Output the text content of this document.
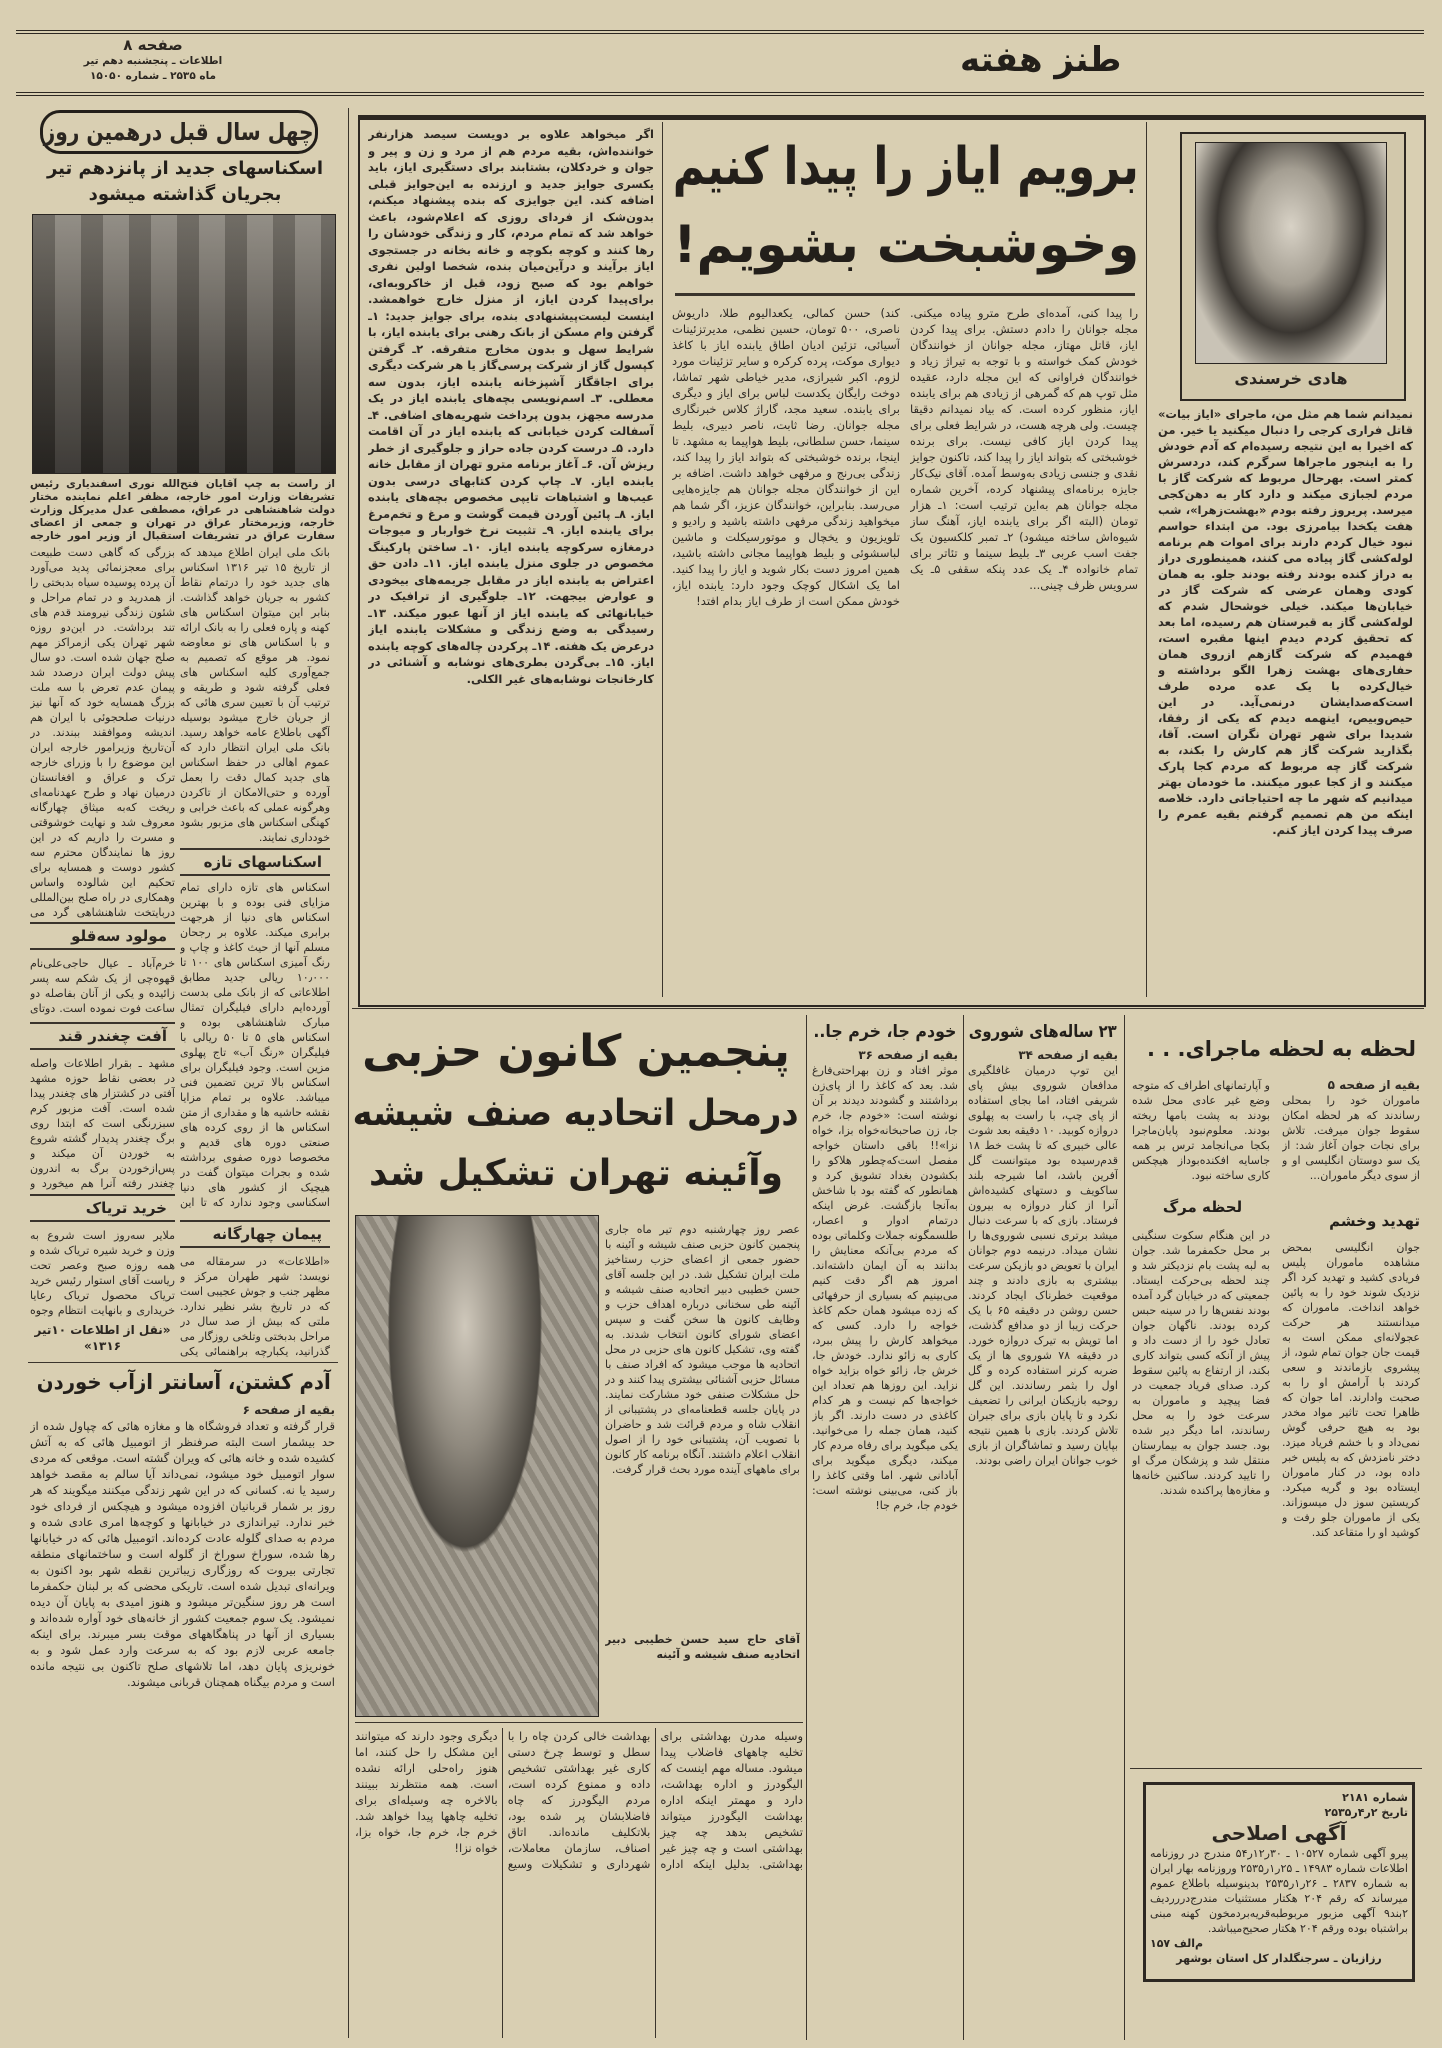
صفحه ۸
اطلاعات ـ پنجشنبه دهم تیر
ماه ۲۵۳۵ ـ شماره ۱۵۰۵۰	طنز هفته
چهل سال قبل درهمین روز
اسکناسهای جدید از پانزدهم تیر
بجریان گذاشته میشود
از راست به چپ آقایان فتح‌الله نوری اسفندیاری رئیس تشریفات وزارت امور خارجه، مظفر اعلم نماینده مختار دولت شاهنشاهی در عراق، مصطفی عدل مدیرکل وزارت خارجه، وزیرمختار عراق در تهران و جمعی از اعضای سفارت عراق در تشریفات استقبال از وزیر امور خارجه
بانک ملی ایران اطلاع میدهد که از تاریخ ۱۵ تیر ۱۳۱۶ اسکناس های جدید خود را درتمام نقاط کشور به جریان خواهد گذاشت. بنابر این میتوان اسکناس های کهنه و پاره فعلی را به بانک ارائه و با اسکناس های نو معاوضه نمود. هر موقع که تصمیم به جمع‌آوری کلیه اسکناس های فعلی گرفته شود و طریقه و ترتیب آن با تعیین سری هائی که از جریان خارج میشود بوسیله آگهی باطلاع عامه خواهد رسید. بانک ملی ایران انتظار دارد که عموم اهالی در حفظ اسکناس های جدید کمال دقت را بعمل آورده و حتی‌الامکان از تاکردن وهرگونه عملی که باعث خرابی و کهنگی اسکناس های مزبور بشود خودداری نمایند.
اسکناسهای تازه
اسکناس های تازه دارای تمام مزایای فنی بوده و با بهترین اسکناس های دنیا از هرجهت برابری میکند. علاوه بر رجحان مسلم آنها از حیث کاغذ و چاپ و رنگ آمیزی اسکناس های ۱۰۰ تا ۱۰٫۰۰۰ ریالی جدید مطابق اطلاعاتی که از بانک ملی بدست آورده‌ایم دارای فیلیگران تمثال مبارک شاهنشاهی بوده و اسکناس های ۵ تا ۵۰ ریالی با فیلیگران «رنگ آب» تاج پهلوی مزین است. وجود فیلیگران برای اسکناس بالا ترین تضمین فنی میباشد. علاوه بر تمام مزایا نقشه حاشیه ها و مقداری از متن اسکناس ها از روی کرده های صنعتی دوره های قدیم و مخصوصا دوره صفوی برداشته شده و بجرات میتوان گفت در هیچیک از کشور های دنیا اسکناسی وجود ندارد که تا این
پیمان چهارگانه
«اطلاعات» در سرمقاله می نویسد: شهر طهران مرکز و مظهر جنب و جوش عجیبی است که در تاریخ بشر نظیر ندارد. ملتی که بیش از صد سال در مراحل بدبختی وتلخی روزگار می گذرانید، یکبارچه براهنمائی یکی
بزرگی که گاهی دست طبیعت برای معجزنمائی پدید می‌آورد آن پرده پوسیده سیاه بدبختی را از همدرید و در تمام مراحل و شئون زندگی نیرومند قدم های تند برداشت. در این‌دو روزه شهر تهران یکی ازمراکز مهم صلح جهان شده است. دو سال پیش دولت ایران درصدد شد پیمان عدم تعرض با سه ملت بزرگ همسایه خود که آنها نیز درنیات صلحجوئی با ایران هم اندیشه وموافقند ببندند. در آن‌تاریخ وزیرامور خارجه ایران این موضوع را با وزرای خارجه ترک و عراق و افغانستان درمیان نهاد و طرح عهدنامه‌ای ریخت که‌به میثاق چهارگانه معروف شد و نهایت خوشوقتی و مسرت را داریم که در این روز ها نمایندگان محترم سه کشور دوست و همسایه برای تحکیم این شالوده واساس وهمکاری در راه صلح بین‌المللی دربایتخت شاهنشاهی گرد می
مولود سه‌قلو
خرم‌آباد ـ عیال حاجی‌علی‌نام قهوه‌چی از یک شکم سه پسر زائیده و یکی از آنان بفاصله دو ساعت فوت نموده است. دوتای
آفت چغندر قند
مشهد ـ بقرار اطلاعات واصله در بعضی نقاط حوزه مشهد آفتی در کشتزار های چغندر پیدا شده است. آفت مزبور کرم سبزرنگی است که ابتدا روی برگ چغندر پدیدار گشته شروع به خوردن آن میکند و پس‌ازخوردن برگ به اندرون چغندر رفته آنرا هم میخورد و
خرید تریاک
ملایر سه‌روز است شروع به وزن و خرید شیره تریاک شده و همه روزه صبح وعصر تحت ریاست آقای استوار رئیس خرید تریاک محصول تریاک رعایا خریداری و بانهایت انتظام وجوه
«نقل از اطلاعات ۱۰تیر ۱۳۱۶»
آدم کشتن، آسانتر ازآب خوردن
بقیه از صفحه ۶
قرار گرفته و تعداد فروشگاه ها و مغازه هائی که چپاول شده از حد بیشمار است البته صرفنظر از اتومبیل هائی که به آتش کشیده شده و خانه هائی که ویران گشته است. موقعی که مردی سوار اتومبیل خود میشود، نمی‌داند آیا سالم به مقصد خواهد رسید یا نه. کسانی که در این شهر زندگی میکنند میگویند که هر روز بر شمار قربانیان افزوده میشود و هیچکس از فردای خود خبر ندارد. تیراندازی در خیابانها و کوچه‌ها امری عادی شده و مردم به صدای گلوله عادت کرده‌اند. اتومبیل هائی که در خیابانها رها شده، سوراخ سوراخ از گلوله است و ساختمانهای منطقه تجارتی بیروت که روزگاری زیباترین نقطه شهر بود اکنون به ویرانه‌ای تبدیل شده است. تاریکی محضی که بر لبنان حکمفرما است هر روز سنگین‌تر میشود و هنوز امیدی به پایان آن دیده نمیشود. یک سوم جمعیت کشور از خانه‌های خود آواره شده‌اند و بسیاری از آنها در پناهگاههای موقت بسر میبرند. برای اینکه جامعه عربی لازم بود که به سرعت وارد عمل شود و به خونریزی پایان دهد، اما تلاشهای صلح تاکنون بی نتیجه مانده است و مردم بیگناه همچنان قربانی میشوند.
اگر میخواهد علاوه بر دویست سیصد هزارنفر خواننده‌اش، بقیه مردم هم از مرد و زن و پیر و جوان و خردکلان، بشتابند برای دستگیری ایاز، باید یکسری جوایز جدید و ارزنده به این‌جوایز قبلی اضافه کند. این جوایزی که بنده پیشنهاد میکنم، بدون‌شک از فردای روزی که اعلام‌شود، باعث خواهد شد که تمام مردم، کار و زندگی خودشان را رها کنند و کوچه بکوچه و خانه بخانه در جستجوی ایاز برآیند و درآین‌میان بنده، شخصا اولین نفری خواهم بود که صبح زود، قبل از خاکروبه‌ای، برای‌پیدا کردن ایاز، از منزل خارج خواهمشد. اینست لیست‌پیشنهادی بنده، برای جوایز جدید: ۱ـ گرفتن وام مسکن از بانک رهنی برای یابنده ایاز، با شرایط سهل و بدون مخارج متفرقه. ۲ـ گرفتن کپسول گاز از شرکت پرسی‌گاز یا هر شرکت دیگری برای اجاقگاز آشپزخانه یابنده ایاز، بدون سه معطلی. ۳ـ اسم‌نویسی بچه‌های یابنده ایاز در یک مدرسه مجهز، بدون پرداخت شهریه‌های اضافی. ۴ـ آسفالت کردن خیابانی که یابنده ایاز در آن اقامت دارد. ۵ـ درست کردن جاده حراز و جلوگیری از خطر ریزش آن. ۶ـ آغاز برنامه مترو تهران از مقابل خانه یابنده ایاز. ۷ـ چاپ کردن کتابهای درسی بدون عیب‌ها و اشتباهات تایپی مخصوص بچه‌های یابنده ایاز. ۸ـ پائین آوردن قیمت گوشت و مرغ و تخم‌مرغ برای یابنده ایاز. ۹ـ تثبیت نرخ خواربار و میوجات درمغازه سرکوچه یابنده ایاز. ۱۰ـ ساختن پارکینگ مخصوص در جلوی منزل یابنده ایاز. ۱۱ـ دادن حق اعتراض به یابنده ایاز در مقابل جریمه‌های بیخودی و عوارض بیجهت. ۱۲ـ جلوگیری از ترافیک در خیابانهائی که یابنده ایاز از آنها عبور میکند. ۱۳ـ رسیدگی به وضع زندگی و مشکلات یابنده ایاز درعرض یک هفته. ۱۴ـ پرکردن چاله‌های کوچه یابنده ایاز. ۱۵ـ بی‌گردن بطری‌های نوشابه و آشنائی در کارخانجات نوشابه‌های غیر الکلی.
برویم ایاز را پیدا کنیم
وخوشبخت بشویم!
کند) حسن کمالی، یکعدالیوم طلا، داریوش ناصری، ۵۰۰ تومان، حسین نظمی، مدیرتزئینات آسیائی، تزئین ادیان اطاق یابنده ایاز با کاغذ دیواری موکت، پرده کرکره و سایر تزئینات مورد لزوم. اکبر شیرازی، مدیر خیاطی شهر تماشا، دوخت رایگان یکدست لباس برای ایاز و دیگری برای یابنده. سعید مجد، گاراژ کلاس خبرنگاری مجله جوانان. رضا ثابت، ناصر دبیری، بلیط سینما، حسن سلطانی، بلیط هواپیما به مشهد. تا اینجا، برنده خوشبختی که بتواند ایاز را پیدا کند، زندگی بی‌رنج و مرفهی خواهد داشت. اضافه بر این از خوانندگان مجله جوانان هم جایزه‌هایی می‌رسد. بنابراین، خوانندگان عزیز، اگر شما هم میخواهید زندگی مرفهی داشته باشید و رادیو و تلویزیون و یخچال و موتورسیکلت و ماشین لباسشوئی و بلیط هواپیما مجانی داشته باشید، همین امروز دست بکار شوید و ایاز را پیدا کنید. اما یک اشکال کوچک وجود دارد: یابنده ایاز، خودش ممکن است از طرف ایاز بدام افتد!
را پیدا کنی، آمده‌ای طرح مترو پیاده میکنی. مجله جوانان را دادم دستش. برای پیدا کردن ایاز، قاتل مهتاز، مجله جوانان از خوانندگان خودش کمک خواسته و با توجه به تیراژ زیاد و خوانندگان فراوانی که این مجله دارد، عقیده مثل توپ هم که گمرهی از زیادی هم برای یابنده ایاز، منظور کرده است. که بیاد نمیدانم دقیقا چیست. ولی هرچه هست، در شرایط فعلی برای پیدا کردن ایاز کافی نیست. برای برنده خوشبختی که بتواند ایاز را پیدا کند، تاکنون جوایز نقدی و جنسی زیادی به‌وسط آمده. آقای نیک‌کار جایزه برنامه‌ای پیشنهاد کرده، آخرین شماره مجله جوانان هم به‌این ترتیب است: ۱ـ هزار تومان (البته اگر برای یابنده ایاز، آهنگ ساز شیوه‌اش ساخته میشود) ۲ـ تمبر کلکسیون یک جفت اسب عربی ۳ـ بلیط سینما و تئاتر برای تمام خانواده ۴ـ یک عدد پنکه سقفی ۵ـ یک سرویس ظرف چینی...
هادی خرسندی
نمیدانم شما هم مثل من، ماجرای «ایاز بیات» قاتل فراری کرجی را دنبال میکنید یا خیر. من که اخیرا به این نتیجه رسیده‌ام که آدم خودش را به اینجور ماجراها سرگرم کند، دردسرش کمتر است. بهرحال مربوط که شرکت گاز با مردم لجبازی میکند و دارد کار به دهن‌کجی میرسد. پریروز رفته بودم «بهشت‌زهرا»، شب هفت یکخدا بیامرزی بود. من ابتداء حواسم نبود خیال کردم دارند برای اموات هم برنامه لوله‌کشی گاز پیاده می کنند، همینطوری دراز به دراز کنده بودند رفته بودند جلو. به همان کودی وهمان عرضی که شرکت گاز در خیابان‌ها میکند. خیلی خوشحال شدم که لوله‌کشی گاز به قبرستان هم رسیده، اما بعد که تحقیق کردم دیدم اینها مقبره است، فهمیدم که شرکت گازهم ازروی همان حفاری‌های بهشت زهرا الگو برداشته و خیال‌کرده با یک عده مرده طرف است‌که‌صدایشان درنمی‌آید. در این حیص‌وبیص، اینهمه دیدم که یکی از رفقا، شدیدا برای شهر تهران نگران است. آقا، بگذارید شرکت گاز هم کارش را بکند، به شرکت گاز چه مربوط که مردم کجا پارک میکنند و از کجا عبور میکنند. ما خودمان بهتر میدانیم که شهر ما چه احتیاجاتی دارد. خلاصه اینکه من هم تصمیم گرفتم بقیه عمرم را صرف پیدا کردن ایاز کنم.
پنجمین کانون حزبی
درمحل اتحادیه صنف شیشه
وآئینه تهران تشکیل شد
عصر روز چهارشنبه دوم تیر ماه جاری پنجمین کانون حزبی صنف شیشه و آئینه با حضور جمعی از اعضای حزب رستاخیز ملت ایران تشکیل شد. در این جلسه آقای حسن خطیبی دبیر اتحادیه صنف شیشه و آئینه طی سخنانی درباره اهداف حزب و وظایف کانون ها سخن گفت و سپس اعضای شورای کانون انتخاب شدند. به گفته وی، تشکیل کانون های حزبی در محل اتحادیه ها موجب میشود که افراد صنف با مسائل حزبی آشنائی بیشتری پیدا کنند و در حل مشکلات صنفی خود مشارکت نمایند. در پایان جلسه قطعنامه‌ای در پشتیبانی از انقلاب شاه و مردم قرائت شد و حاضران با تصویب آن، پشتیبانی خود را از اصول انقلاب اعلام داشتند. آنگاه برنامه کار کانون برای ماههای آینده مورد بحث قرار گرفت.
آقای حاج سید حسن خطیبی دبیر اتحادیه صنف شیشه و آئینه
وسیله مدرن بهداشتی برای تخلیه چاههای فاضلاب پیدا میشود. مساله مهم اینست که الیگودرز و اداره بهداشت، دارد و مهمتر اینکه اداره بهداشت الیگودرز میتواند تشخیص بدهد چه چیز بهداشتی است و چه چیز غیر بهداشتی. بدلیل اینکه اداره بهداشت خالی کردن چاه را با سطل و توسط چرخ دستی کاری غیر بهداشتی تشخیص داده و ممنوع کرده است، مردم الیگودرز که چاه فاضلابشان پر شده بود، بلاتکلیف مانده‌اند. اتاق اصناف، سازمان معاملات، شهرداری و تشکیلات وسیع دیگری وجود دارند که میتوانند این مشکل را حل کنند، اما هنوز راه‌حلی ارائه نشده است. همه منتظرند ببینند بالاخره چه وسیله‌ای برای تخلیه چاهها پیدا خواهد شد. خرم جا، خرم جا، خواه بزا، خواه نزا!
خودم جا، خرم جا..
بقیه از صفحه ۳۶
موثر افتاد و زن بهراحتی‌فارغ شد. بعد که کاغذ را از پای‌زن برداشتند و گشودند دیدند بر آن نوشته است: «خودم جا، خرم جا، زن صاحبخانه‌خواه بزا، خواه نزا»!! باقی داستان خواجه مفصل است‌که‌چطور هلاکو را بکشودن بغداد تشویق کرد و همانطور که گفته بود با شاخش به‌آنجا بازگشت. غرض اینکه درتمام ادوار و اعصار، طلسمگونه جملات وکلماتی بوده که مردم بی‌آنکه معنایش را بدانند به آن ایمان داشته‌اند. امروز هم اگر دقت کنیم می‌بینیم که بسیاری از حرفهائی که زده میشود همان حکم کاغذ خواجه را دارد. کسی که میخواهد کارش را پیش ببرد، کاری به زائو ندارد. خودش جا، خرش جا، زائو خواه بزاید خواه نزاید. این روزها هم تعداد این خواجه‌ها کم نیست و هر کدام کاغذی در دست دارند. اگر باز کنید، همان جمله را می‌خوانید. یکی میگوید برای رفاه مردم کار میکند، دیگری میگوید برای آبادانی شهر. اما وقتی کاغذ را باز کنی، می‌بینی نوشته است: خودم جا، خرم جا!
۲۳ ساله‌های شوروی
بقیه از صفحه ۳۴
این توپ درمیان غافلگیری مدافعان شوروی بیش پای شریفی افتاد، اما بجای استفاده از پای چپ، با راست به پهلوی دروازه کوبید. ۱۰ دقیقه بعد شوت عالی خبیری که تا پشت خط ۱۸ قدم‌رسیده بود میتوانست گل آفرین باشد، اما شیرجه بلند ساکویف و دستهای کشیده‌اش آنرا از کنار دروازه به بیرون فرستاد. بازی که با سرعت دنبال میشد برتری نسبی شوروی‌ها را نشان میداد. درنیمه دوم جوانان ایران با تعویض دو بازیکن سرعت بیشتری به بازی دادند و چند موقعیت خطرناک ایجاد کردند. حسن روشن در دقیقه ۶۵ با یک حرکت زیبا از دو مدافع گذشت، اما توپش به تیرک دروازه خورد. در دقیقه ۷۸ شوروی ها از یک ضربه کرنر استفاده کرده و گل اول را بثمر رساندند. این گل روحیه بازیکنان ایرانی را تضعیف نکرد و تا پایان بازی برای جبران تلاش کردند. بازی با همین نتیجه بپایان رسید و تماشاگران از بازی خوب جوانان ایران راضی بودند.
لحظه به لحظه ماجرای. . .
بقیه از صفحه ۵
ماموران خود را بمحلی رساندند که هر لحظه امکان سقوط جوان میرفت. تلاش برای نجات جوان آغاز شد: از یک سو دوستان انگلیسی او و از سوی دیگر ماموران...
و آپارتمانهای اطراف که متوجه وضع غیر عادی محل شده بودند به پشت بامها ریخته بودند. معلوم‌نبود پایان‌ماجرا بکجا می‌انجامد ترس بر همه جا‌سایه افکنده‌بود‌از هیچکس کاری ساخته نبود.
لحظه مرگ
در این هنگام سکوت سنگینی بر محل حکمفرما شد. جوان به لبه پشت بام نزدیکتر شد و چند لحظه بی‌حرکت ایستاد. جمعیتی که در خیابان گرد آمده بودند نفس‌ها را در سینه حبس کرده بودند. ناگهان جوان تعادل خود را از دست داد و پیش از آنکه کسی بتواند کاری بکند، از ارتفاع به پائین سقوط کرد. صدای فریاد جمعیت در فضا پیچید و ماموران به سرعت خود را به محل رساندند، اما دیگر دیر شده بود. جسد جوان به بیمارستان منتقل شد و پزشکان مرگ او را تایید کردند. ساکنین خانه‌ها و مغازه‌ها پراکنده شدند.
تهدید وخشم
جوان انگلیسی بمحض مشاهده ماموران پلیس فریادی کشید و تهدید کرد اگر نزدیک شوند خود را به پائین خواهد انداخت. ماموران که میدانستند هر حرکت عجولانه‌ای ممکن است به قیمت جان جوان تمام شود، از پیشروی بازماندند و سعی کردند با آرامش او را به صحبت وادارند. اما جوان که ظاهرا تحت تاثیر مواد مخدر بود به هیچ حرفی گوش نمی‌داد و با خشم فریاد میزد. دختر نامزدش که به پلیس خبر داده بود، در کنار ماموران ایستاده بود و گریه میکرد. کریستین سوز دل میسوزاند. یکی از ماموران جلو رفت و کوشید او را متقاعد کند.
شماره ۲۱۸۱
تاریخ ۲ر۴ر۲۵۳۵
آگهی اصلاحی
پیرو آگهی شماره ۱۰۵۲۷ ـ ۳۰ر۱۲ر۵۴ مندرج در روزنامه اطلاعات شماره ۱۴۹۸۳ ـ ۲۵ر۱ر۲۵۳۵ وروزنامه بهار ایران به شماره ۲۸۳۷ ـ ۲۶ر۱ر۲۵۳۵ بدینوسیله باطلاع عموم میرساند که رقم ۲۰۴ هکتار مستثنیات مندرج‌دررردیف ۲بند۹ آگهی مزبور مربوطبه‌قریه‌بردمخون کهنه مبنی براشتباه بوده ورقم ۲۰۴ هکتار صحیح‌میباشد.
م‌الف ۱۵۷
رزازیان ـ سرجنگلدار کل استان بوشهر
